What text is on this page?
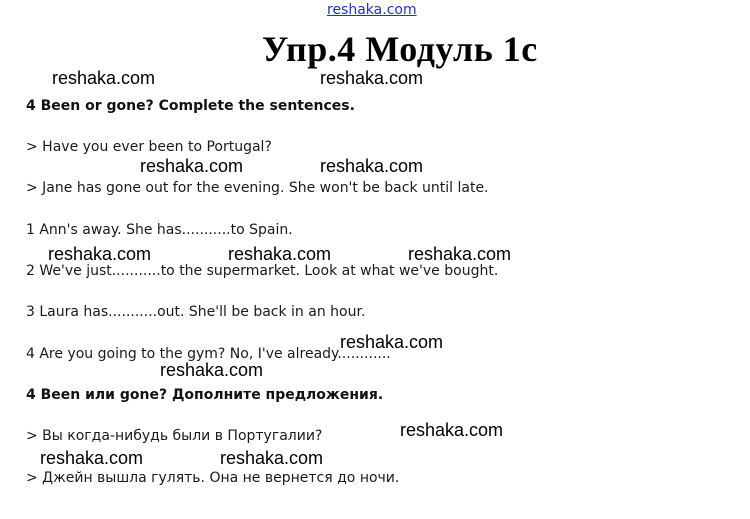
reshaka.com
Упр.4 Модуль 1с
reshaka.com	reshaka.com
reshaka.com	reshaka.com
reshaka.com	reshaka.com	reshaka.com
reshaka.com
reshaka.com
reshaka.com
reshaka.com	reshaka.com
4 Been or gone? Complete the sentences.
> Have you ever been to Portugal?
> Jane has gone out for the evening. She won't be back until late.
1 Ann's away. She has...........to Spain.
2 We've just...........to the supermarket. Look at what we've bought.
3 Laura has...........out. She'll be back in an hour.
4 Are you going to the gym? No, I've already............
4 Been или gone? Дополните предложения.
> Вы когда-нибудь были в Португалии?
> Джейн вышла гулять. Она не вернется до ночи.
